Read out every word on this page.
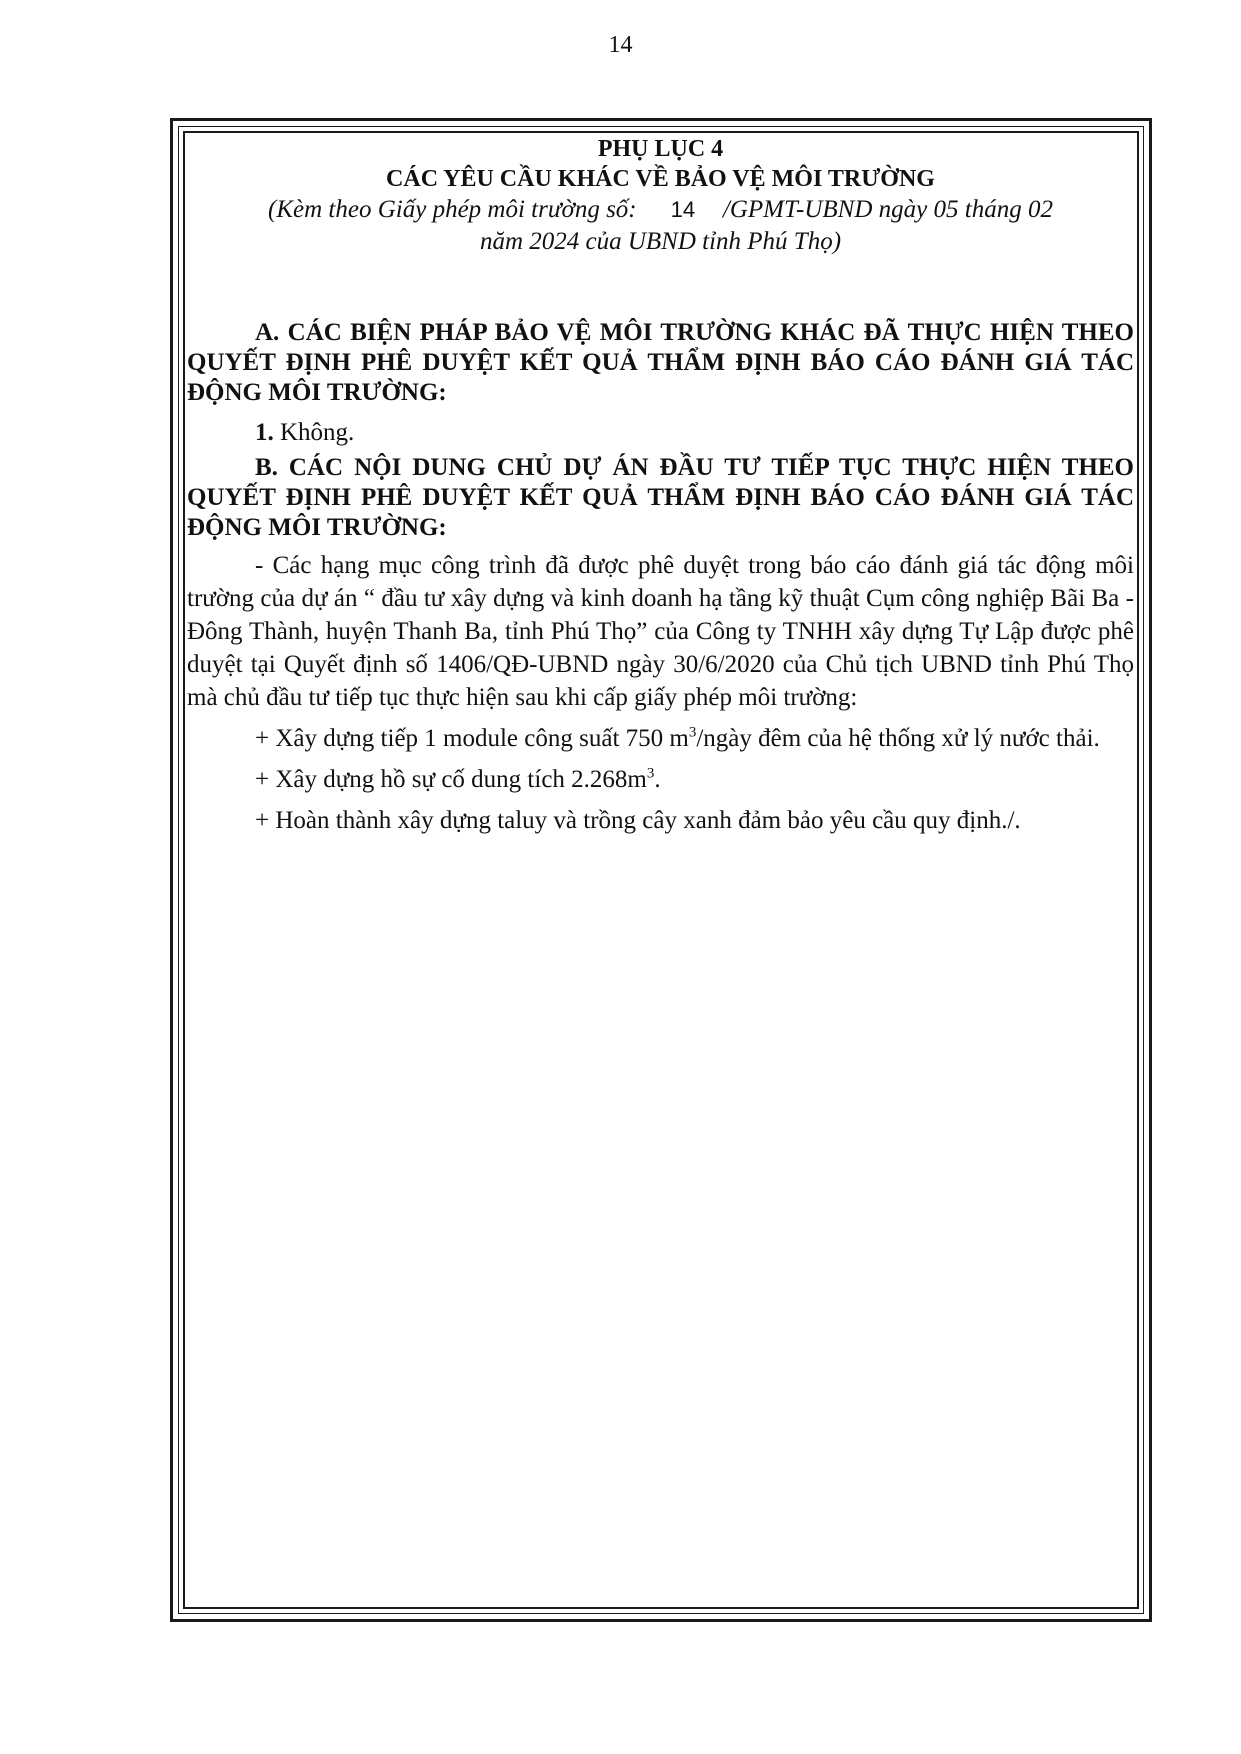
14
PHỤ LỤC 4
CÁC YÊU CẦU KHÁC VỀ BẢO VỆ MÔI TRƯỜNG
(Kèm theo Giấy phép môi trường số: 14 /GPMT-UBND ngày 05 tháng 02
năm 2024 của UBND tỉnh Phú Thọ)
A. CÁC BIỆN PHÁP BẢO VỆ MÔI TRƯỜNG KHÁC ĐÃ THỰC HIỆN THEO QUYẾT ĐỊNH PHÊ DUYỆT KẾT QUẢ THẨM ĐỊNH BÁO CÁO ĐÁNH GIÁ TÁC ĐỘNG MÔI TRƯỜNG:
1. Không.
B. CÁC NỘI DUNG CHỦ DỰ ÁN ĐẦU TƯ TIẾP TỤC THỰC HIỆN THEO QUYẾT ĐỊNH PHÊ DUYỆT KẾT QUẢ THẨM ĐỊNH BÁO CÁO ĐÁNH GIÁ TÁC ĐỘNG MÔI TRƯỜNG:
- Các hạng mục công trình đã được phê duyệt trong báo cáo đánh giá tác động môi trường của dự án “ đầu tư xây dựng và kinh doanh hạ tầng kỹ thuật Cụm công nghiệp Bãi Ba - Đông Thành, huyện Thanh Ba, tỉnh Phú Thọ” của Công ty TNHH xây dựng Tự Lập được phê duyệt tại Quyết định số 1406/QĐ-UBND ngày 30/6/2020 của Chủ tịch UBND tỉnh Phú Thọ mà chủ đầu tư tiếp tục thực hiện sau khi cấp giấy phép môi trường:
+ Xây dựng tiếp 1 module công suất 750 $m^3$/ngày đêm của hệ thống xử lý nước thải.
+ Xây dựng hồ sự cố dung tích $2.268m^3$.
+ Hoàn thành xây dựng taluy và trồng cây xanh đảm bảo yêu cầu quy định./.
